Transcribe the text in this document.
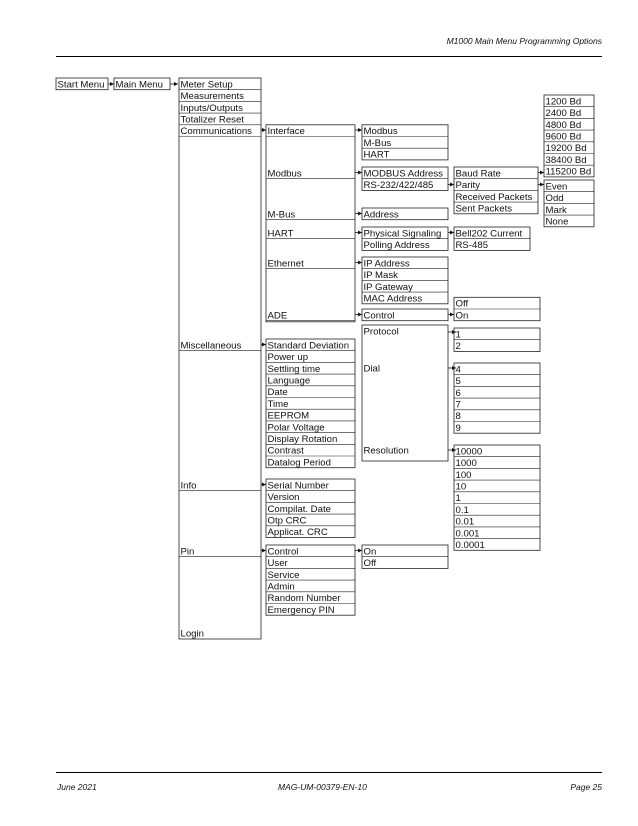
M1000 Main Menu Programming Options
June 2021	MAG-UM-00379-EN-10	Page 25
Start Menu Main Menu Meter Setup
Measurements
Inputs/Outputs
Totalizer Reset
Communications
Miscellaneous
Info
Pin
Login
Interface
Modbus
M-Bus
HART
Ethernet
ADE
Modbus
M-Bus
HART
MODBUS Address
RS-232/422/485
Baud Rate
Parity
Received Packets
Sent Packets
1200 Bd
2400 Bd
4800 Bd
9600 Bd
19200 Bd
38400 Bd
115200 Bd
Even
Odd
Mark
None
Address
Physical Signaling
Polling Address
Bell202 Current
RS-485
IP Address
IP Mask
IP Gateway
MAC Address
Control
Off
On
Protocol
Dial
Resolution
1
2
4
5
6
7
8
9
10000
1000
100
10
1
0.1
0.01
0.001
0.0001
Standard Deviation
Power up
Settling time
Language
Date
Time
EEPROM
Polar Voltage
Display Rotation
Contrast
Datalog Period
Serial Number
Version
Compilat. Date
Otp CRC
Applicat. CRC
Control
User
Service
Admin
Random Number
Emergency PIN
On
Off
